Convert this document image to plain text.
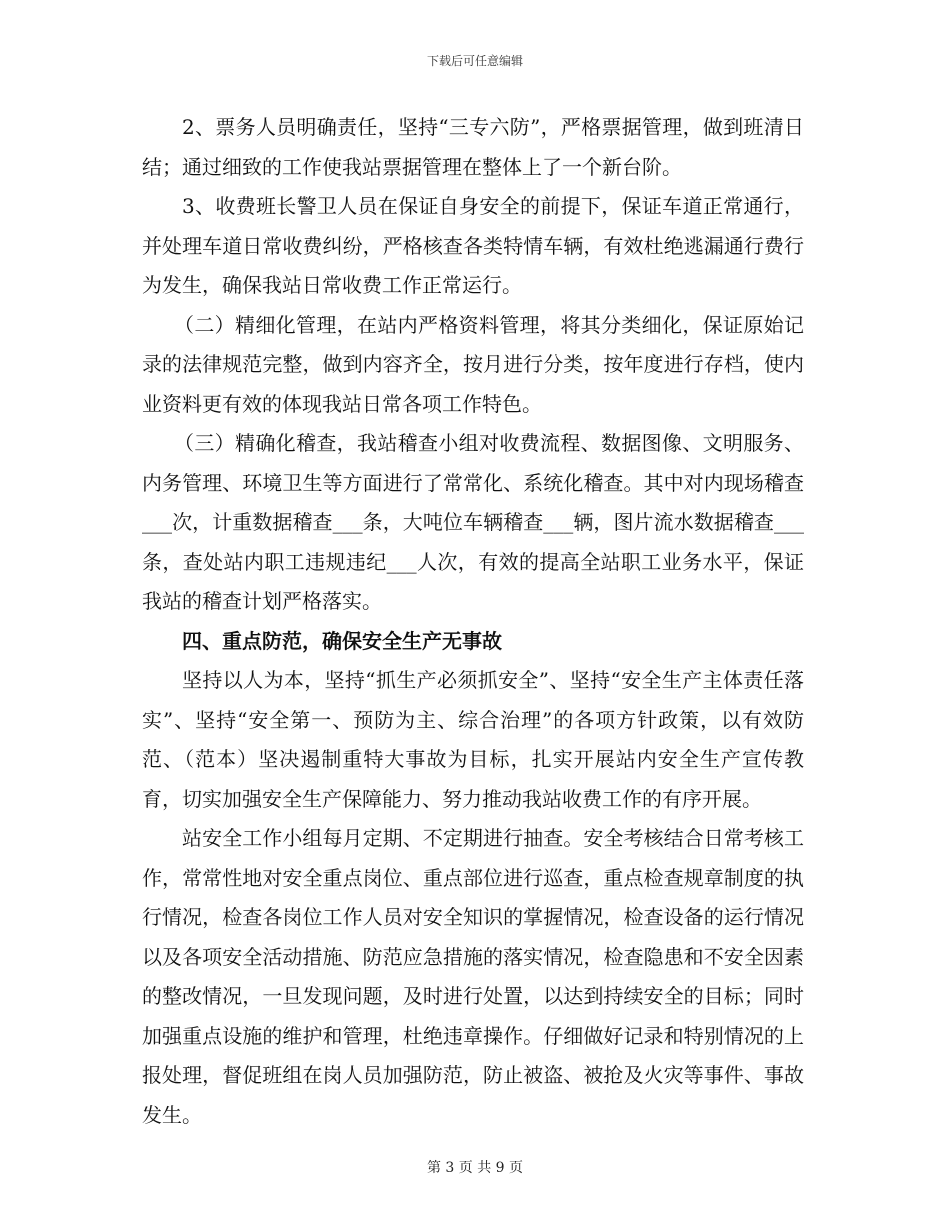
下载后可任意编辑

2、票务人员明确责任，坚持“三专六防”，严格票据管理，做到班清日结；通过细致的工作使我站票据管理在整体上了一个新台阶。

3、收费班长警卫人员在保证自身安全的前提下，保证车道正常通行，并处理车道日常收费纠纷，严格核查各类特情车辆，有效杜绝逃漏通行费行为发生，确保我站日常收费工作正常运行。

（二）精细化管理，在站内严格资料管理，将其分类细化，保证原始记录的法律规范完整，做到内容齐全，按月进行分类，按年度进行存档，使内业资料更有效的体现我站日常各项工作特色。

（三）精确化稽查，我站稽查小组对收费流程、数据图像、文明服务、内务管理、环境卫生等方面进行了常常化、系统化稽查。其中对内现场稽查___次，计重数据稽查___条，大吨位车辆稽查___辆，图片流水数据稽查___条，查处站内职工违规违纪___人次，有效的提高全站职工业务水平，保证我站的稽查计划严格落实。

四、重点防范，确保安全生产无事故

坚持以人为本，坚持“抓生产必须抓安全”、坚持“安全生产主体责任落实”、坚持“安全第一、预防为主、综合治理”的各项方针政策，以有效防范、（范本）坚决遏制重特大事故为目标，扎实开展站内安全生产宣传教育，切实加强安全生产保障能力、努力推动我站收费工作的有序开展。

站安全工作小组每月定期、不定期进行抽查。安全考核结合日常考核工作，常常性地对安全重点岗位、重点部位进行巡查，重点检查规章制度的执行情况，检查各岗位工作人员对安全知识的掌握情况，检查设备的运行情况以及各项安全活动措施、防范应急措施的落实情况，检查隐患和不安全因素的整改情况，一旦发现问题，及时进行处置，以达到持续安全的目标；同时加强重点设施的维护和管理，杜绝违章操作。仔细做好记录和特别情况的上报处理，督促班组在岗人员加强防范，防止被盗、被抢及火灾等事件、事故发生。

第 3 页 共 9 页
